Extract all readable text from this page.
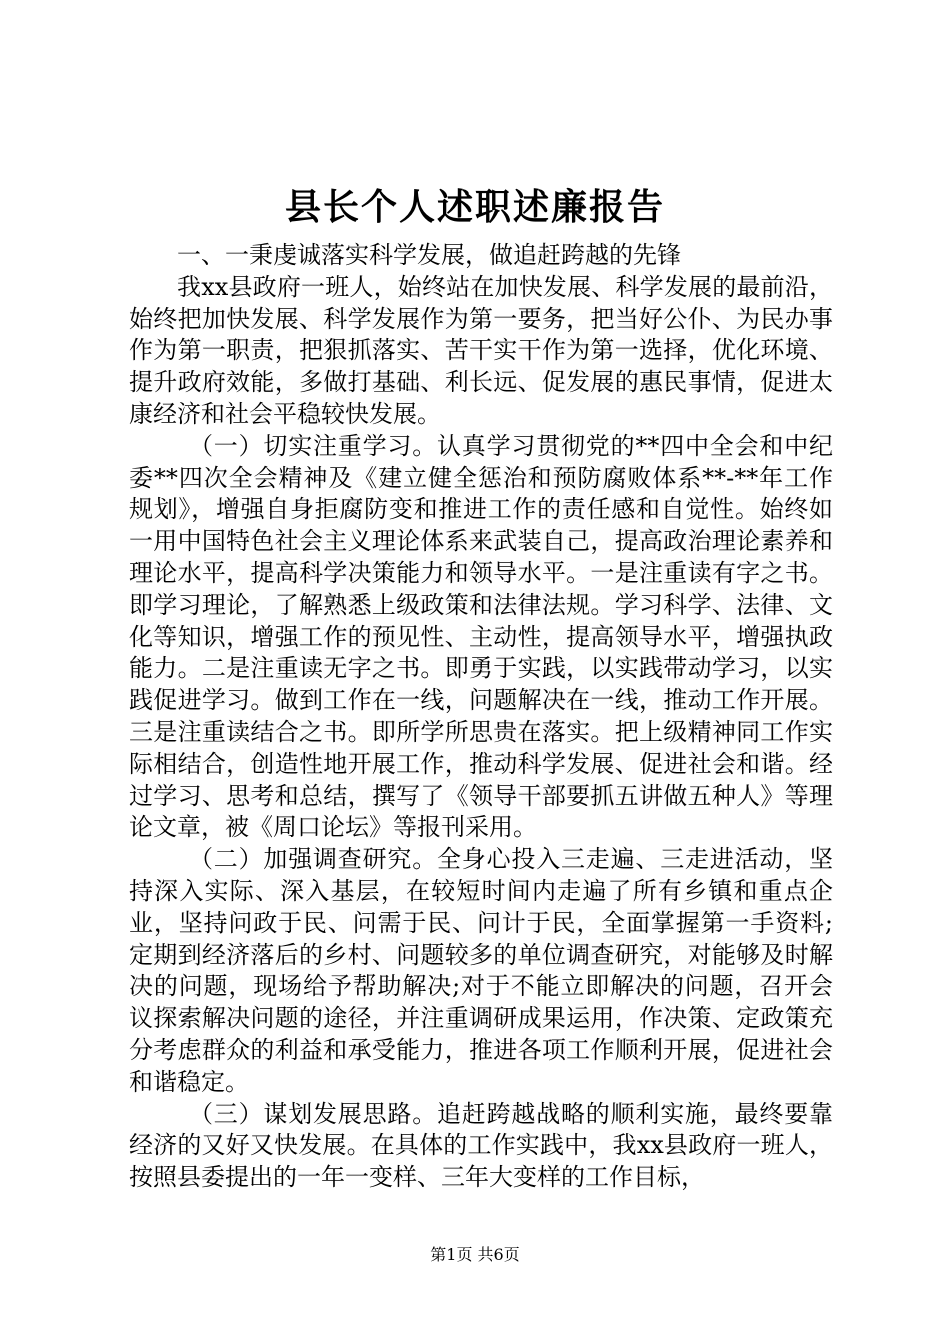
县长个人述职述廉报告

一、一秉虔诚落实科学发展，做追赶跨越的先锋

我xx县政府一班人，始终站在加快发展、科学发展的最前沿，始终把加快发展、科学发展作为第一要务，把当好公仆、为民办事作为第一职责，把狠抓落实、苦干实干作为第一选择，优化环境、提升政府效能，多做打基础、利长远、促发展的惠民事情，促进太康经济和社会平稳较快发展。

（一）切实注重学习。认真学习贯彻党的**四中全会和中纪委**四次全会精神及《建立健全惩治和预防腐败体系**-**年工作规划》，增强自身拒腐防变和推进工作的责任感和自觉性。始终如一用中国特色社会主义理论体系来武装自己，提高政治理论素养和理论水平，提高科学决策能力和领导水平。一是注重读有字之书。即学习理论，了解熟悉上级政策和法律法规。学习科学、法律、文化等知识，增强工作的预见性、主动性，提高领导水平，增强执政能力。二是注重读无字之书。即勇于实践，以实践带动学习，以实践促进学习。做到工作在一线，问题解决在一线，推动工作开展。三是注重读结合之书。即所学所思贵在落实。把上级精神同工作实际相结合，创造性地开展工作，推动科学发展、促进社会和谐。经过学习、思考和总结，撰写了《领导干部要抓五讲做五种人》等理论文章，被《周口论坛》等报刊采用。

（二）加强调查研究。全身心投入三走遍、三走进活动，坚持深入实际、深入基层，在较短时间内走遍了所有乡镇和重点企业，坚持问政于民、问需于民、问计于民，全面掌握第一手资料;定期到经济落后的乡村、问题较多的单位调查研究，对能够及时解决的问题，现场给予帮助解决;对于不能立即解决的问题，召开会议探索解决问题的途径，并注重调研成果运用，作决策、定政策充分考虑群众的利益和承受能力，推进各项工作顺利开展，促进社会和谐稳定。

（三）谋划发展思路。追赶跨越战略的顺利实施，最终要靠经济的又好又快发展。在具体的工作实践中，我xx县政府一班人，按照县委提出的一年一变样、三年大变样的工作目标，

第1页 共6页
